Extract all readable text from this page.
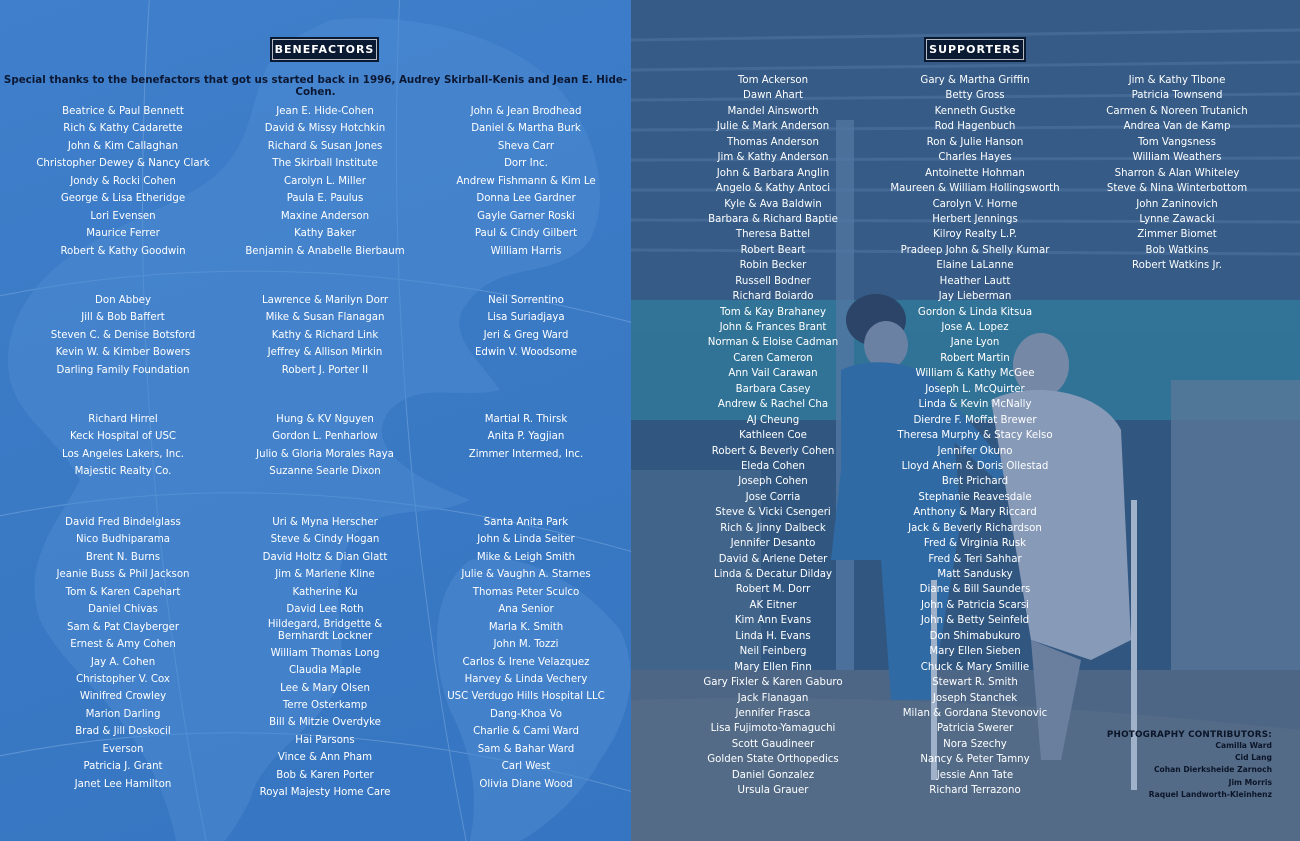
BENEFACTORS
Special thanks to the benefactors that got us started back in 1996, Audrey Skirball-Kenis and Jean E. Hide-Cohen.
Beatrice & Paul Bennett
Rich & Kathy Cadarette
John & Kim Callaghan
Christopher Dewey & Nancy Clark
Jondy & Rocki Cohen
George & Lisa Etheridge
Lori Evensen
Maurice Ferrer
Robert & Kathy Goodwin
Jean E. Hide-Cohen
David & Missy Hotchkin
Richard & Susan Jones
The Skirball Institute
Carolyn L. Miller
Paula E. Paulus
Maxine Anderson
Kathy Baker
Benjamin & Anabelle Bierbaum
John & Jean Brodhead
Daniel & Martha Burk
Sheva Carr
Dorr Inc.
Andrew Fishmann & Kim Le
Donna Lee Gardner
Gayle Garner Roski
Paul & Cindy Gilbert
William Harris
Don Abbey
Jill & Bob Baffert
Steven C. & Denise Botsford
Kevin W. & Kimber Bowers
Darling Family Foundation
Lawrence & Marilyn Dorr
Mike & Susan Flanagan
Kathy & Richard Link
Jeffrey & Allison Mirkin
Robert J. Porter II
Neil Sorrentino
Lisa Suriadjaya
Jeri & Greg Ward
Edwin V. Woodsome
Richard Hirrel
Keck Hospital of USC
Los Angeles Lakers, Inc.
Majestic Realty Co.
Hung & KV Nguyen
Gordon L. Penharlow
Julio & Gloria Morales Raya
Suzanne Searle Dixon
Martial R. Thirsk
Anita P. Yagjian
Zimmer Intermed, Inc.
David Fred Bindelglass
Nico Budhiparama
Brent N. Burns
Jeanie Buss & Phil Jackson
Tom & Karen Capehart
Daniel Chivas
Sam & Pat Clayberger
Ernest & Amy Cohen
Jay A. Cohen
Christopher V. Cox
Winifred Crowley
Marion Darling
Brad & Jill Doskocil
Everson
Patricia J. Grant
Janet Lee Hamilton
Uri & Myna Herscher
Steve & Cindy Hogan
David Holtz & Dian Glatt
Jim & Marlene Kline
Katherine Ku
David Lee Roth
Hildegard, Bridgette & Bernhardt Lockner
William Thomas Long
Claudia Maple
Lee & Mary Olsen
Terre Osterkamp
Bill & Mitzie Overdyke
Hai Parsons
Vince & Ann Pham
Bob & Karen Porter
Royal Majesty Home Care
Santa Anita Park
John & Linda Seiter
Mike & Leigh Smith
Julie & Vaughn A. Starnes
Thomas Peter Sculco
Ana Senior
Marla K. Smith
John M. Tozzi
Carlos & Irene Velazquez
Harvey & Linda Vechery
USC Verdugo Hills Hospital LLC
Dang-Khoa Vo
Charlie & Cami Ward
Sam & Bahar Ward
Carl West
Olivia Diane Wood
SUPPORTERS
Tom Ackerson
Dawn Ahart
Mandel Ainsworth
Julie & Mark Anderson
Thomas Anderson
Jim & Kathy Anderson
John & Barbara Anglin
Angelo & Kathy Antoci
Kyle & Ava Baldwin
Barbara & Richard Baptie
Theresa Battel
Robert Beart
Robin Becker
Russell Bodner
Richard Boiardo
Tom & Kay Brahaney
John & Frances Brant
Norman & Eloise Cadman
Caren Cameron
Ann Vail Carawan
Barbara Casey
Andrew & Rachel Cha
AJ Cheung
Kathleen Coe
Robert & Beverly Cohen
Eleda Cohen
Joseph Cohen
Jose Corria
Steve & Vicki Csengeri
Rich & Jinny Dalbeck
Jennifer Desanto
David & Arlene Deter
Linda & Decatur Dilday
Robert M. Dorr
AK Eitner
Kim Ann Evans
Linda H. Evans
Neil Feinberg
Mary Ellen Finn
Gary Fixler & Karen Gaburo
Jack Flanagan
Jennifer Frasca
Lisa Fujimoto-Yamaguchi
Scott Gaudineer
Golden State Orthopedics
Daniel Gonzalez
Ursula Grauer
Gary & Martha Griffin
Betty Gross
Kenneth Gustke
Rod Hagenbuch
Ron & Julie Hanson
Charles Hayes
Antoinette Hohman
Maureen & William Hollingsworth
Carolyn V. Horne
Herbert Jennings
Kilroy Realty L.P.
Pradeep John & Shelly Kumar
Elaine LaLanne
Heather Lautt
Jay Lieberman
Gordon & Linda Kitsua
Jose A. Lopez
Jane Lyon
Robert Martin
William & Kathy McGee
Joseph L. McQuirter
Linda & Kevin McNally
Dierdre F. Moffat Brewer
Theresa Murphy & Stacy Kelso
Jennifer Okuno
Lloyd Ahern & Doris Ollestad
Bret Prichard
Stephanie Reavesdale
Anthony & Mary Riccard
Jack & Beverly Richardson
Fred & Virginia Rusk
Fred & Teri Sahhar
Matt Sandusky
Diane & Bill Saunders
John & Patricia Scarsi
John & Betty Seinfeld
Don Shimabukuro
Mary Ellen Sieben
Chuck & Mary Smillie
Stewart R. Smith
Joseph Stanchek
Milan & Gordana Stevonovic
Patricia Swerer
Nora Szechy
Nancy & Peter Tamny
Jessie Ann Tate
Richard Terrazono
Jim & Kathy Tibone
Patricia Townsend
Carmen & Noreen Trutanich
Andrea Van de Kamp
Tom Vangsness
William Weathers
Sharron & Alan Whiteley
Steve & Nina Winterbottom
John Zaninovich
Lynne Zawacki
Zimmer Biomet
Bob Watkins
Robert Watkins Jr.
PHOTOGRAPHY CONTRIBUTORS:
Camilla Ward
Cid Lang
Cohan Dierksheide Zarnoch
Jim Morris
Raquel Landworth-Kleinhenz
